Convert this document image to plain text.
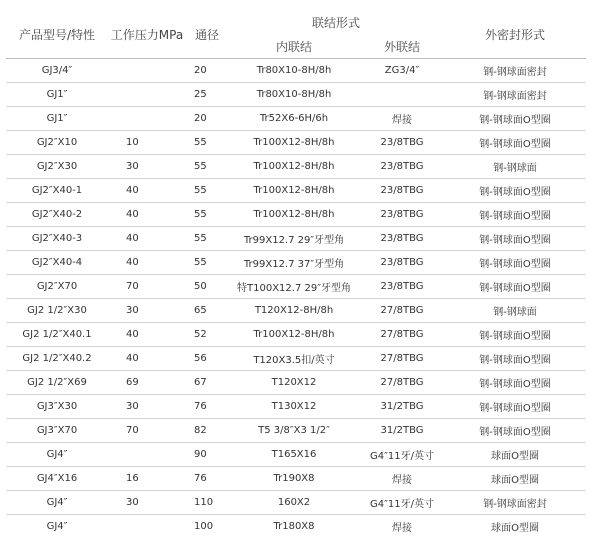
产品型号/特性	工作压力MPa	通径	联结形式		外密封形式
			内联结	外联结	
GJ3/4″		20	Tr80X10-8H/8h	ZG3/4″	钢-钢球面密封
GJ1″		25	Tr80X10-8H/8h		钢-钢球面密封
GJ1″		20	Tr52X6-6H/6h	焊接	钢-钢球面O型圈
GJ2″X10	10	55	Tr100X12-8H/8h	23/8TBG	钢-钢球面O型圈
GJ2″X30	30	55	Tr100X12-8H/8h	23/8TBG	钢-钢球面
GJ2″X40-1	40	55	Tr100X12-8H/8h	23/8TBG	钢-钢球面O型圈
GJ2″X40-2	40	55	Tr100X12-8H/8h	23/8TBG	钢-钢球面O型圈
GJ2″X40-3	40	55	Tr99X12.7 29″牙型角	23/8TBG	钢-钢球面O型圈
GJ2″X40-4	40	55	Tr99X12.7 37″牙型角	23/8TBG	钢-钢球面O型圈
GJ2″X70	70	50	特T100X12.7 29″牙型角	23/8TBG	钢-钢球面O型圈
GJ2 1/2″X30	30	65	T120X12-8H/8h	27/8TBG	钢-钢球面
GJ2 1/2″X40.1	40	52	Tr100X12-8H/8h	27/8TBG	钢-钢球面O型圈
GJ2 1/2″X40.2	40	56	T120X3.5扣/英寸	27/8TBG	钢-钢球面O型圈
GJ2 1/2″X69	69	67	T120X12	27/8TBG	钢-钢球面O型圈
GJ3″X30	30	76	T130X12	31/2TBG	钢-钢球面O型圈
GJ3″X70	70	82	T5 3/8″X3 1/2″	31/2TBG	钢-钢球面O型圈
GJ4″		90	T165X16	G4″11牙/英寸	球面O型圈
GJ4″X16	16	76	Tr190X8	焊接	球面O型圈
GJ4″	30	110	160X2	G4″11牙/英寸	钢-钢球面密封
GJ4″		100	Tr180X8	焊接	球面O型圈
